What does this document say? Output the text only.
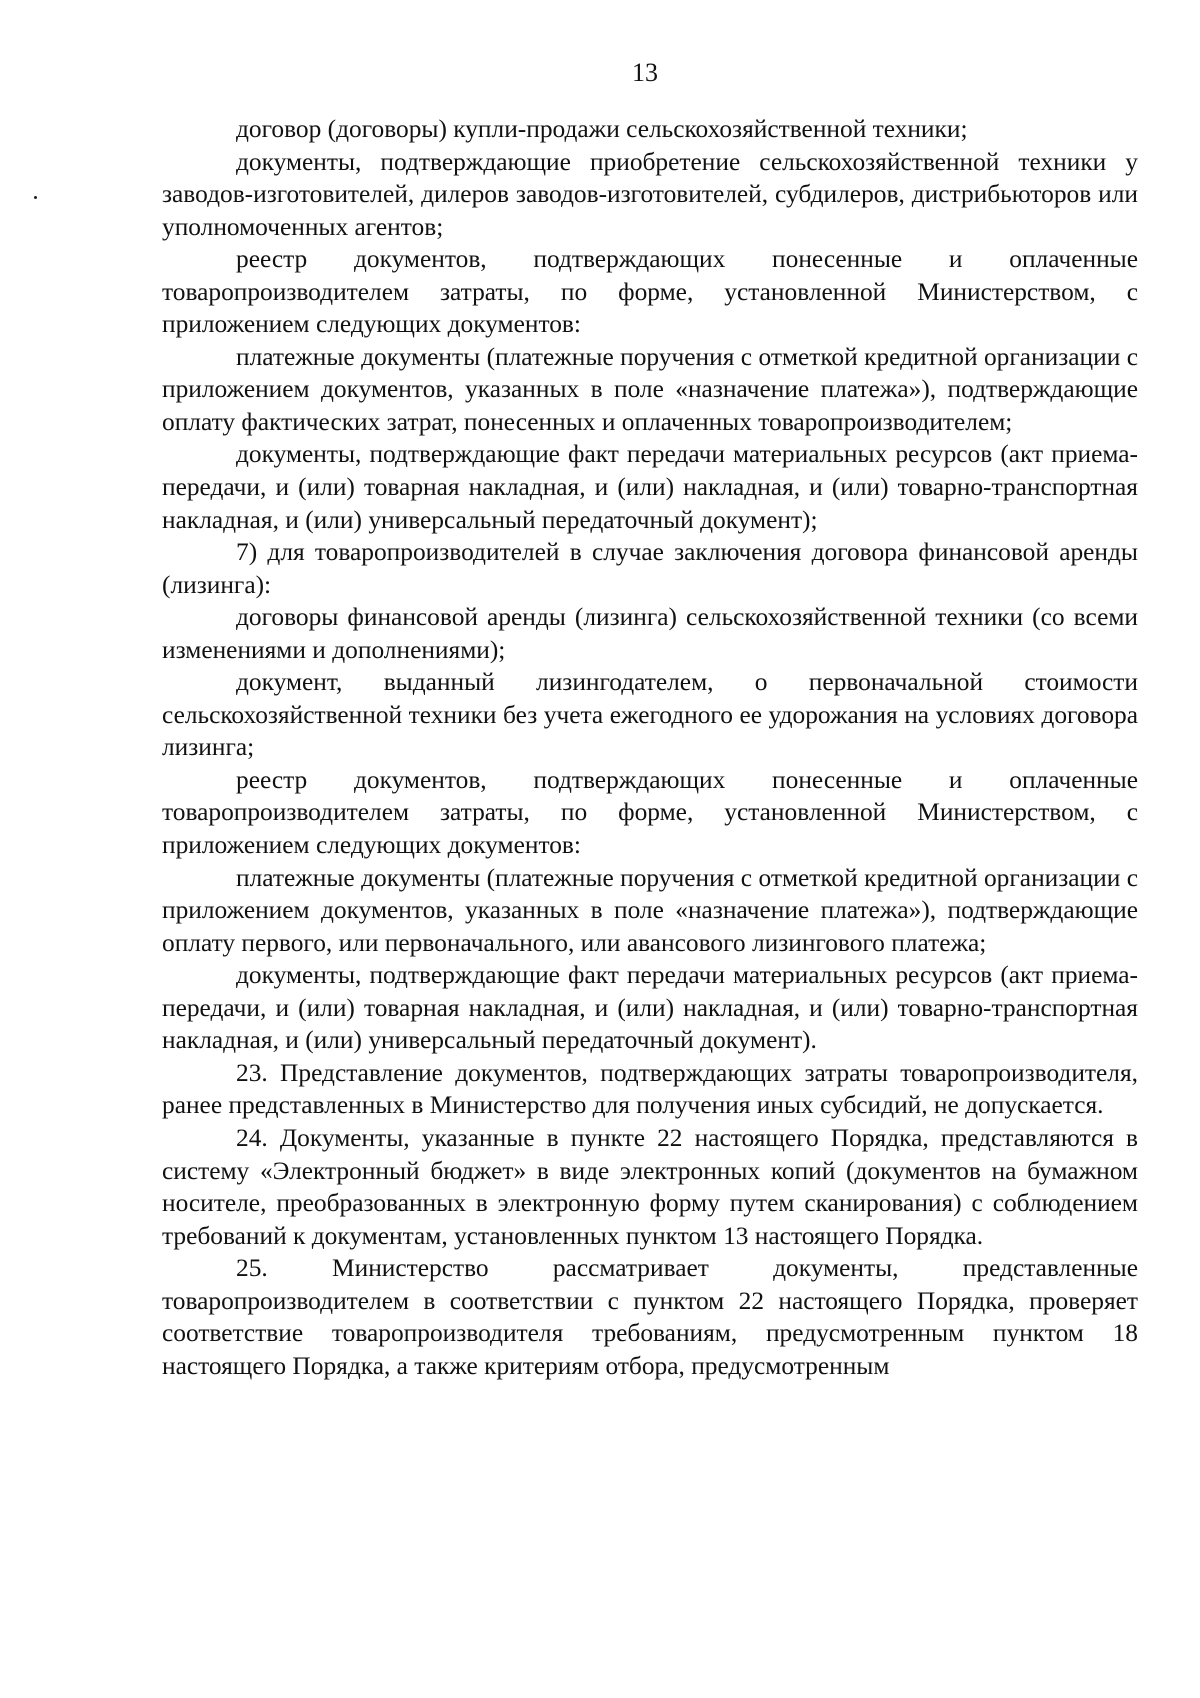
13

договор (договоры) купли-продажи сельскохозяйственной техники;

документы, подтверждающие приобретение сельскохозяйственной техники у заводов-изготовителей, дилеров заводов-изготовителей, субдилеров, дистрибьюторов или уполномоченных агентов;

реестр документов, подтверждающих понесенные и оплаченные товаропроизводителем затраты, по форме, установленной Министерством, с приложением следующих документов:

платежные документы (платежные поручения с отметкой кредитной организации с приложением документов, указанных в поле «назначение платежа»), подтверждающие оплату фактических затрат, понесенных и оплаченных товаропроизводителем;

документы, подтверждающие факт передачи материальных ресурсов (акт приема-передачи, и (или) товарная накладная, и (или) накладная, и (или) товарно-транспортная накладная, и (или) универсальный передаточный документ);

7) для товаропроизводителей в случае заключения договора финансовой аренды (лизинга):

договоры финансовой аренды (лизинга) сельскохозяйственной техники (со всеми изменениями и дополнениями);

документ, выданный лизингодателем, о первоначальной стоимости сельскохозяйственной техники без учета ежегодного ее удорожания на условиях договора лизинга;

реестр документов, подтверждающих понесенные и оплаченные товаропроизводителем затраты, по форме, установленной Министерством, с приложением следующих документов:

платежные документы (платежные поручения с отметкой кредитной организации с приложением документов, указанных в поле «назначение платежа»), подтверждающие оплату первого, или первоначального, или авансового лизингового платежа;

документы, подтверждающие факт передачи материальных ресурсов (акт приема-передачи, и (или) товарная накладная, и (или) накладная, и (или) товарно-транспортная накладная, и (или) универсальный передаточный документ).

23. Представление документов, подтверждающих затраты товаропроизводителя, ранее представленных в Министерство для получения иных субсидий, не допускается.

24. Документы, указанные в пункте 22 настоящего Порядка, представляются в систему «Электронный бюджет» в виде электронных копий (документов на бумажном носителе, преобразованных в электронную форму путем сканирования) с соблюдением требований к документам, установленных пунктом 13 настоящего Порядка.

25. Министерство рассматривает документы, представленные товаропроизводителем в соответствии с пунктом 22 настоящего Порядка, проверяет соответствие товаропроизводителя требованиям, предусмотренным пунктом 18 настоящего Порядка, а также критериям отбора, предусмотренным
